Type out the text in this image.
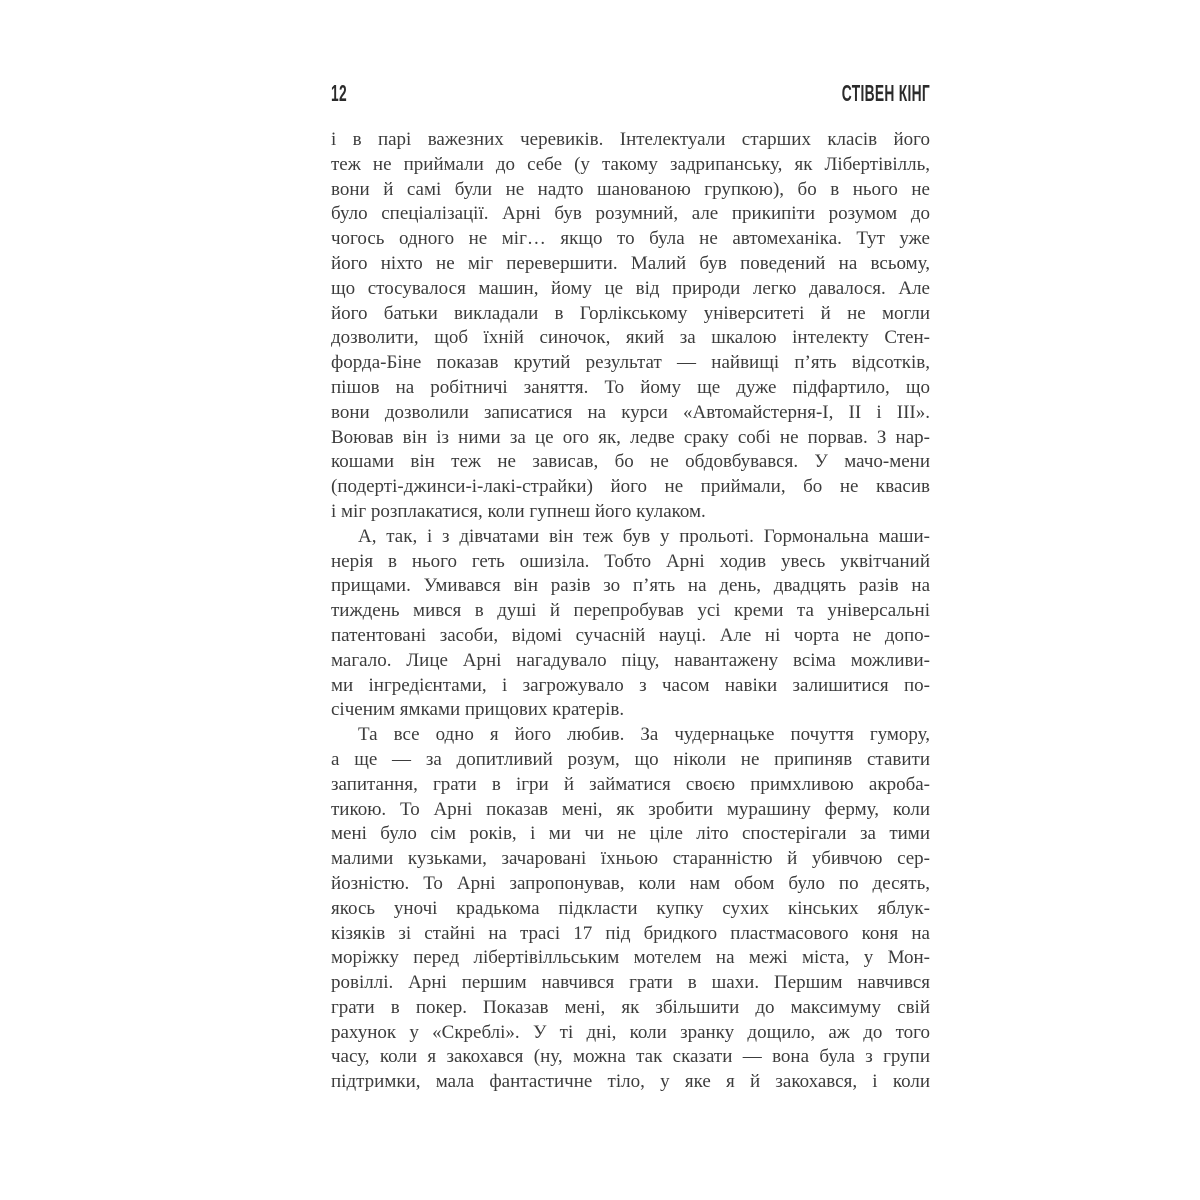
12	СТІВЕН КІНГ
і в парі важезних черевиків. Інтелектуали старших класів його
теж не приймали до себе (у такому задрипанську, як Лібертівілль,
вони й самі були не надто шанованою групкою), бо в нього не
було спеціалізації. Арні був розумний, але прикипіти розумом до
чогось одного не міг… якщо то була не автомеханіка. Тут уже
його ніхто не міг перевершити. Малий був поведений на всьому,
що стосувалося машин, йому це від природи легко давалося. Але
його батьки викладали в Горлікському університеті й не могли
дозволити, щоб їхній синочок, який за шкалою інтелекту Стен-
форда-Біне показав крутий результат — найвищі п’ять відсотків,
пішов на робітничі заняття. То йому ще дуже підфартило, що
вони дозволили записатися на курси «Автомайстерня-I, II і III».
Воював він із ними за це ого як, ледве сраку собі не порвав. З нар-
кошами він теж не зависав, бо не обдовбувався. У мачо-мени
(подерті-джинси-і-лакі-страйки) його не приймали, бо не квасив
і міг розплакатися, коли гупнеш його кулаком.
А, так, і з дівчатами він теж був у прольоті. Гормональна маши-
нерія в нього геть ошизіла. Тобто Арні ходив увесь уквітчаний
прищами. Умивався він разів зо п’ять на день, двадцять разів на
тиждень мився в душі й перепробував усі креми та універсальні
патентовані засоби, відомі сучасній науці. Але ні чорта не допо-
магало. Лице Арні нагадувало піцу, навантажену всіма можливи-
ми інгредієнтами, і загрожувало з часом навіки залишитися по-
січеним ямками прищових кратерів.
Та все одно я його любив. За чудернацьке почуття гумору,
а ще — за допитливий розум, що ніколи не припиняв ставити
запитання, грати в ігри й займатися своєю примхливою акроба-
тикою. То Арні показав мені, як зробити мурашину ферму, коли
мені було сім років, і ми чи не ціле літо спостерігали за тими
малими кузьками, зачаровані їхньою старанністю й убивчою сер-
йозністю. То Арні запропонував, коли нам обом було по десять,
якось уночі крадькома підкласти купку сухих кінських яблук-
кізяків зі стайні на трасі 17 під бридкого пластмасового коня на
моріжку перед лібертівілльським мотелем на межі міста, у Мон-
ровіллі. Арні першим навчився грати в шахи. Першим навчився
грати в покер. Показав мені, як збільшити до максимуму свій
рахунок у «Скреблі». У ті дні, коли зранку дощило, аж до того
часу, коли я закохався (ну, можна так сказати — вона була з групи
підтримки, мала фантастичне тіло, у яке я й закохався, і коли
